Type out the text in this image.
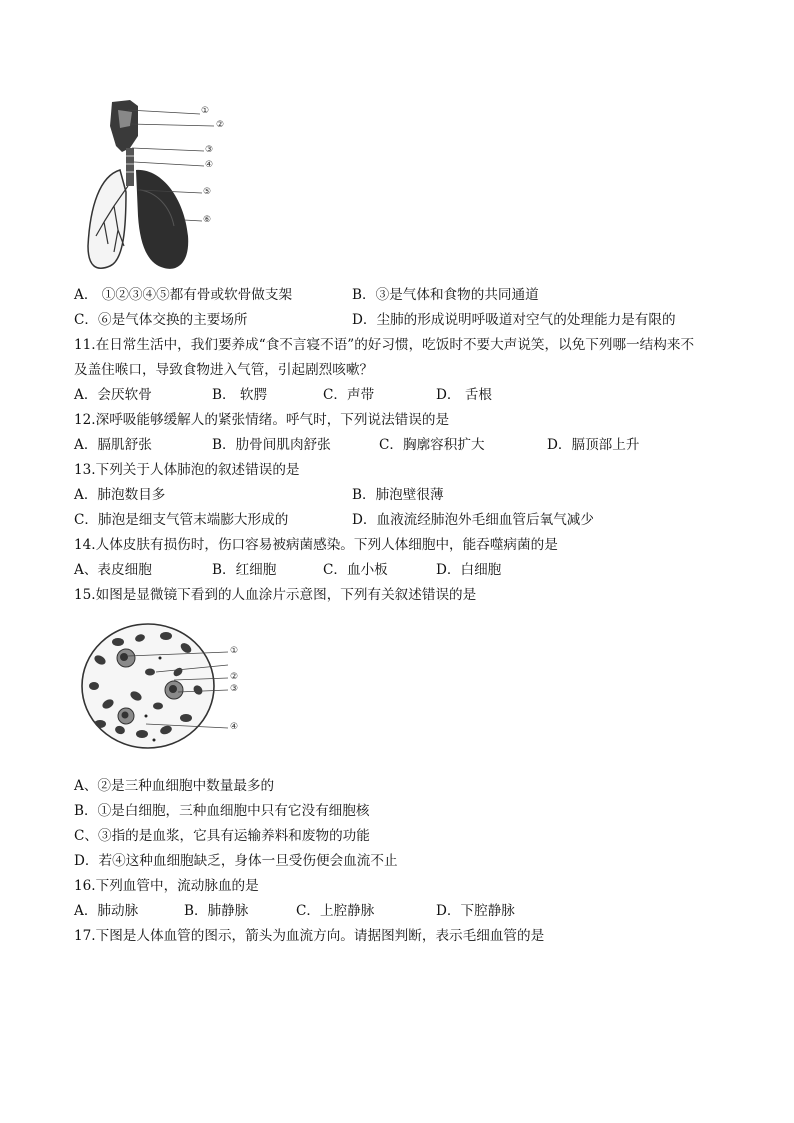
①
②
③
④
⑤
⑥
A． ①②③④⑤都有骨或软骨做支架	B．③是气体和食物的共同通道
C．⑥是气体交换的主要场所	D．尘肺的形成说明呼吸道对空气的处理能力是有限的
11.在日常生活中，我们要养成“食不言寝不语”的好习惯，吃饭时不要大声说笑，以免下列哪一结构来不
及盖住喉口，导致食物进入气管，引起剧烈咳嗽？
A．会厌软骨	B． 软腭	C．声带	D． 舌根
12.深呼吸能够缓解人的紧张情绪。呼气时，下列说法错误的是
A．膈肌舒张	B．肋骨间肌肉舒张	C．胸廓容积扩大	D．膈顶部上升
13.下列关于人体肺泡的叙述错误的是
A．肺泡数目多	B．肺泡壁很薄
C．肺泡是细支气管末端膨大形成的	D．血液流经肺泡外毛细血管后氧气减少
14.人体皮肤有损伤时，伤口容易被病菌感染。下列人体细胞中，能吞噬病菌的是
A、表皮细胞	B．红细胞	C．血小板	D．白细胞
15.如图是显微镜下看到的人血涂片示意图，下列有关叙述错误的是
①
②
③
④
A、②是三种血细胞中数量最多的
B．①是白细胞，三种血细胞中只有它没有细胞核
C、③指的是血浆，它具有运输养料和废物的功能
D．若④这种血细胞缺乏，身体一旦受伤便会血流不止
16.下列血管中，流动脉血的是
A．肺动脉	B．肺静脉	C．上腔静脉	D．下腔静脉
17.下图是人体血管的图示，箭头为血流方向。请据图判断，表示毛细血管的是
